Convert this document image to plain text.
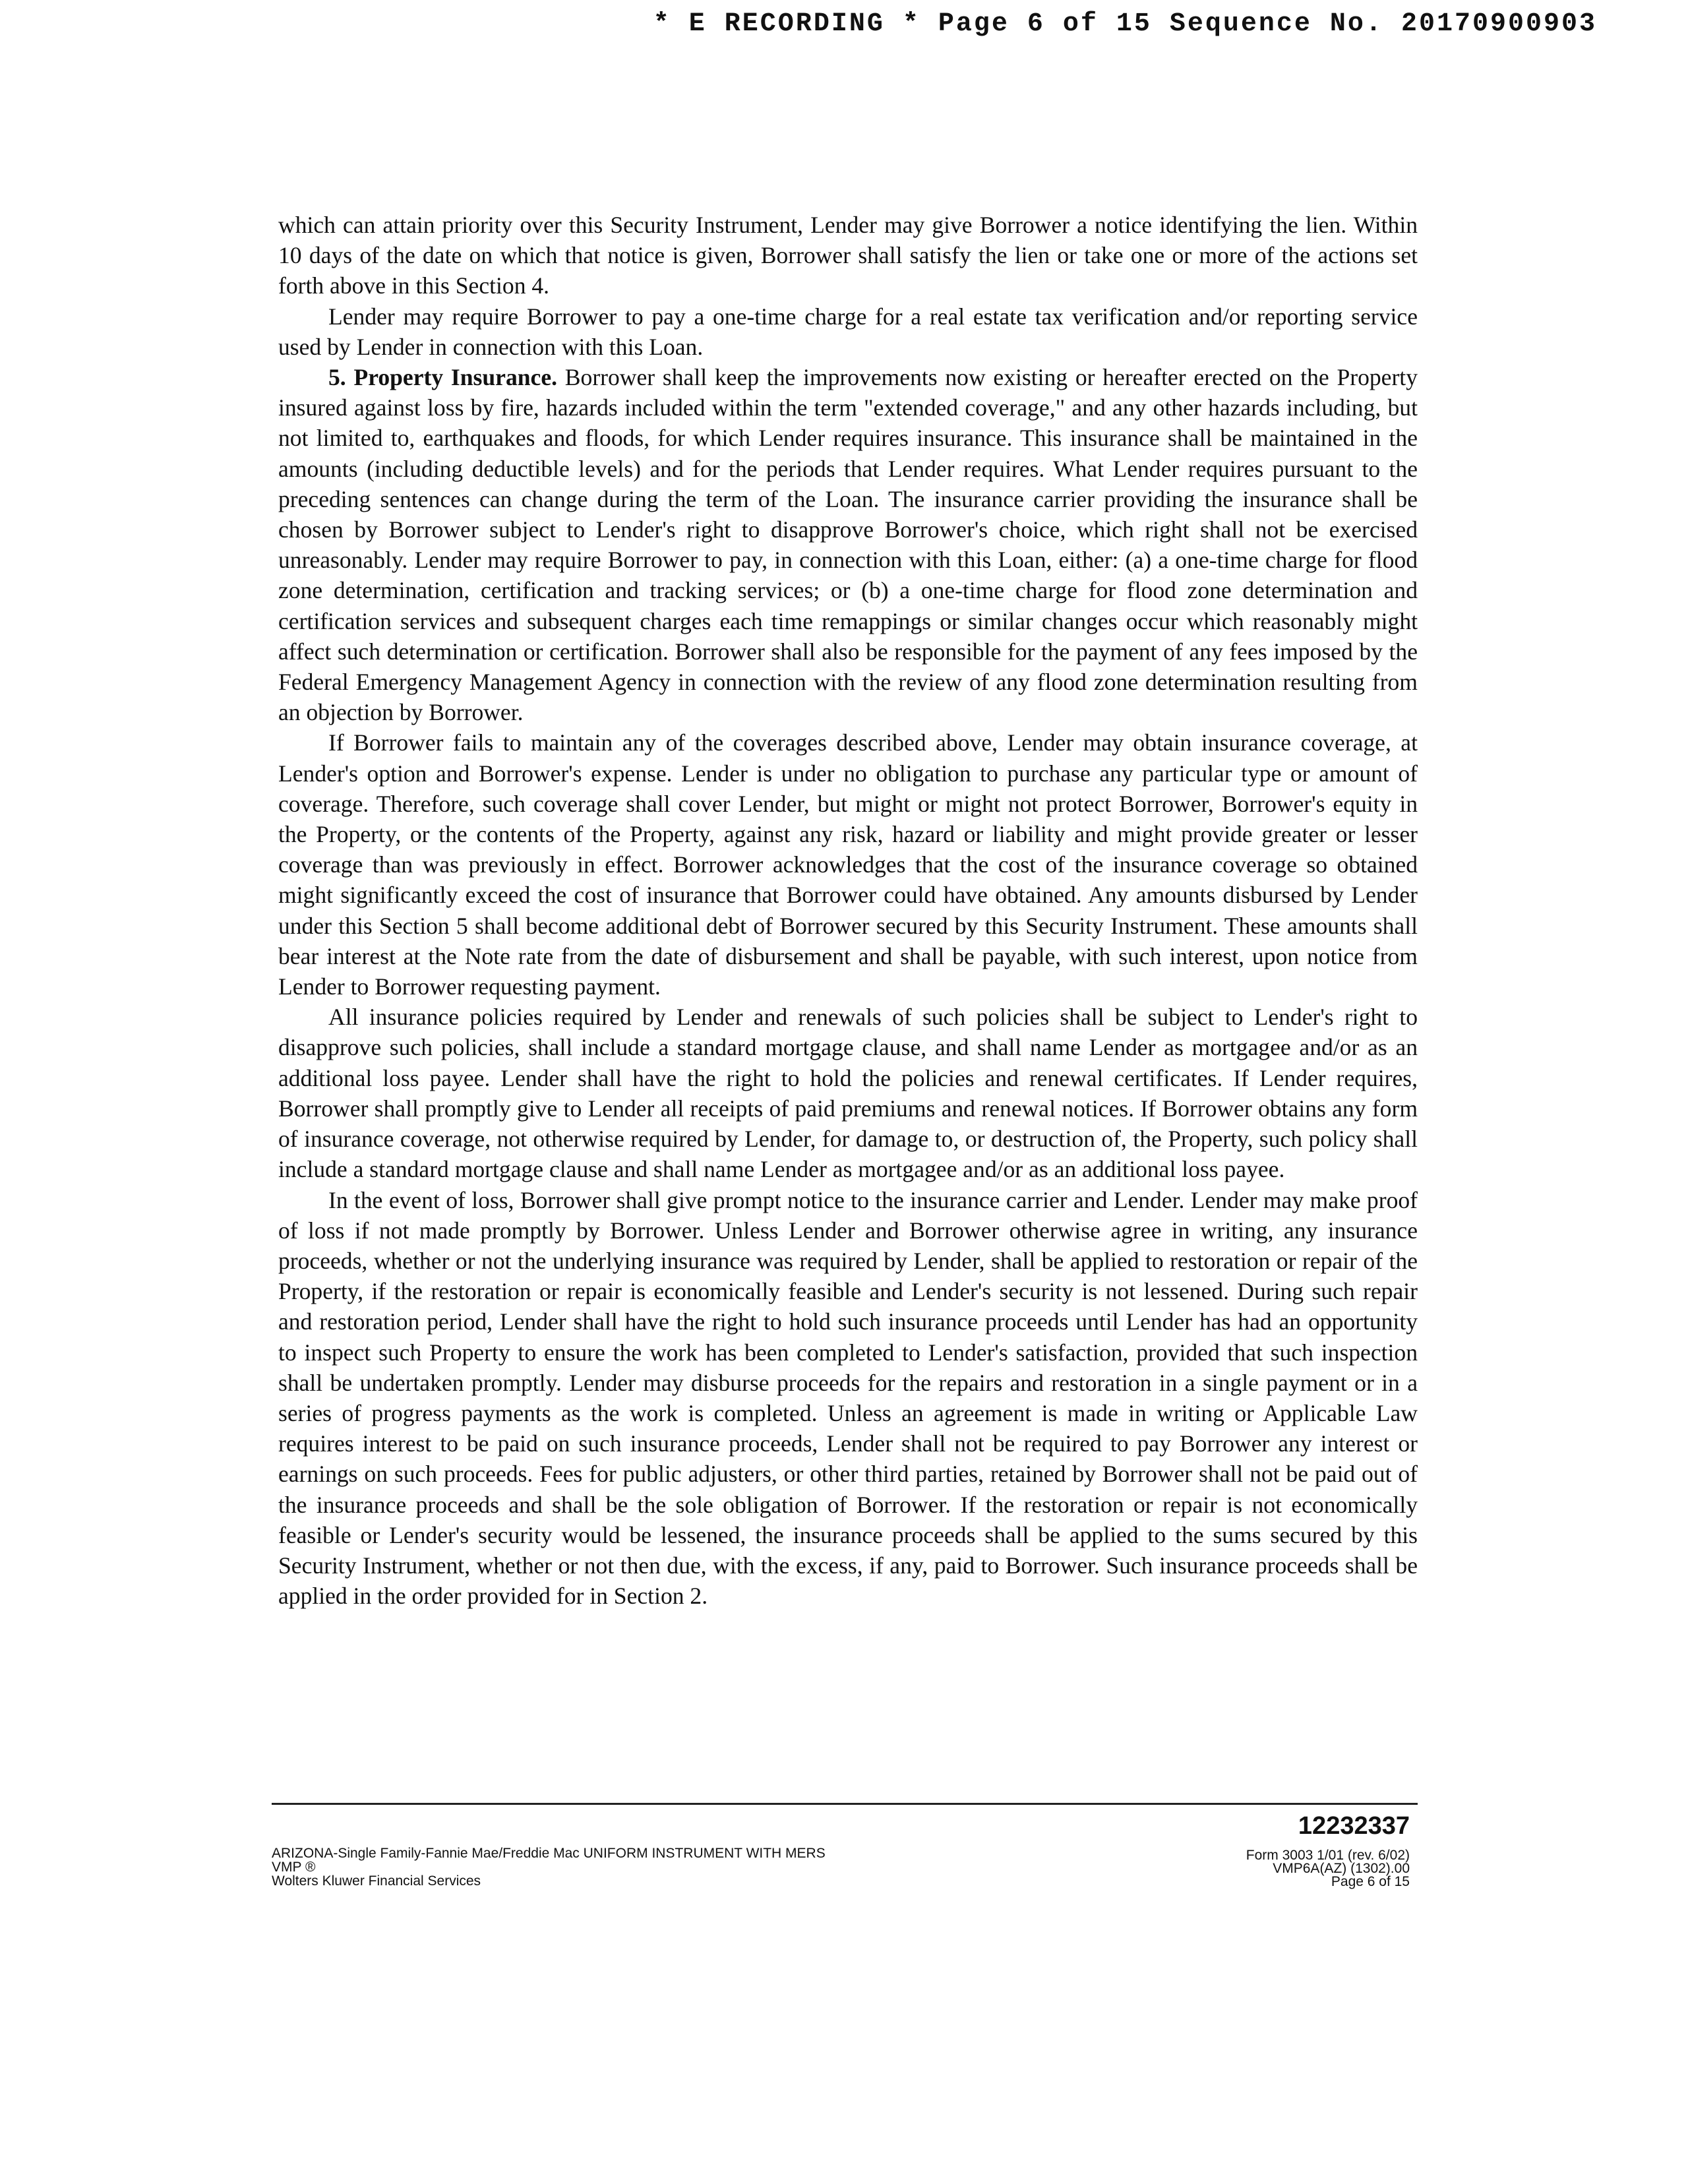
* E RECORDING * Page 6 of 15 Sequence No. 20170900903

which can attain priority over this Security Instrument, Lender may give Borrower a notice identifying the lien. Within 10 days of the date on which that notice is given, Borrower shall satisfy the lien or take one or more of the actions set forth above in this Section 4.

Lender may require Borrower to pay a one-time charge for a real estate tax verification and/or reporting service used by Lender in connection with this Loan.

5. Property Insurance. Borrower shall keep the improvements now existing or hereafter erected on the Property insured against loss by fire, hazards included within the term "extended coverage," and any other hazards including, but not limited to, earthquakes and floods, for which Lender requires insurance. This insurance shall be maintained in the amounts (including deductible levels) and for the periods that Lender requires. What Lender requires pursuant to the preceding sentences can change during the term of the Loan. The insurance carrier providing the insurance shall be chosen by Borrower subject to Lender's right to disapprove Borrower's choice, which right shall not be exercised unreasonably. Lender may require Borrower to pay, in connection with this Loan, either: (a) a one-time charge for flood zone determination, certification and tracking services; or (b) a one-time charge for flood zone determination and certification services and subsequent charges each time remappings or similar changes occur which reasonably might affect such determination or certification. Borrower shall also be responsible for the payment of any fees imposed by the Federal Emergency Management Agency in connection with the review of any flood zone determination resulting from an objection by Borrower.

If Borrower fails to maintain any of the coverages described above, Lender may obtain insurance coverage, at Lender's option and Borrower's expense. Lender is under no obligation to purchase any particular type or amount of coverage. Therefore, such coverage shall cover Lender, but might or might not protect Borrower, Borrower's equity in the Property, or the contents of the Property, against any risk, hazard or liability and might provide greater or lesser coverage than was previously in effect. Borrower acknowledges that the cost of the insurance coverage so obtained might significantly exceed the cost of insurance that Borrower could have obtained. Any amounts disbursed by Lender under this Section 5 shall become additional debt of Borrower secured by this Security Instrument. These amounts shall bear interest at the Note rate from the date of disbursement and shall be payable, with such interest, upon notice from Lender to Borrower requesting payment.

All insurance policies required by Lender and renewals of such policies shall be subject to Lender's right to disapprove such policies, shall include a standard mortgage clause, and shall name Lender as mortgagee and/or as an additional loss payee. Lender shall have the right to hold the policies and renewal certificates. If Lender requires, Borrower shall promptly give to Lender all receipts of paid premiums and renewal notices. If Borrower obtains any form of insurance coverage, not otherwise required by Lender, for damage to, or destruction of, the Property, such policy shall include a standard mortgage clause and shall name Lender as mortgagee and/or as an additional loss payee.

In the event of loss, Borrower shall give prompt notice to the insurance carrier and Lender. Lender may make proof of loss if not made promptly by Borrower. Unless Lender and Borrower otherwise agree in writing, any insurance proceeds, whether or not the underlying insurance was required by Lender, shall be applied to restoration or repair of the Property, if the restoration or repair is economically feasible and Lender's security is not lessened. During such repair and restoration period, Lender shall have the right to hold such insurance proceeds until Lender has had an opportunity to inspect such Property to ensure the work has been completed to Lender's satisfaction, provided that such inspection shall be undertaken promptly. Lender may disburse proceeds for the repairs and restoration in a single payment or in a series of progress payments as the work is completed. Unless an agreement is made in writing or Applicable Law requires interest to be paid on such insurance proceeds, Lender shall not be required to pay Borrower any interest or earnings on such proceeds. Fees for public adjusters, or other third parties, retained by Borrower shall not be paid out of the insurance proceeds and shall be the sole obligation of Borrower. If the restoration or repair is not economically feasible or Lender's security would be lessened, the insurance proceeds shall be applied to the sums secured by this Security Instrument, whether or not then due, with the excess, if any, paid to Borrower. Such insurance proceeds shall be applied in the order provided for in Section 2.

12232337
ARIZONA-Single Family-Fannie Mae/Freddie Mac UNIFORM INSTRUMENT WITH MERS
VMP ®
Wolters Kluwer Financial Services
Form 3003 1/01 (rev. 6/02)
VMP6A(AZ) (1302).00
Page 6 of 15
